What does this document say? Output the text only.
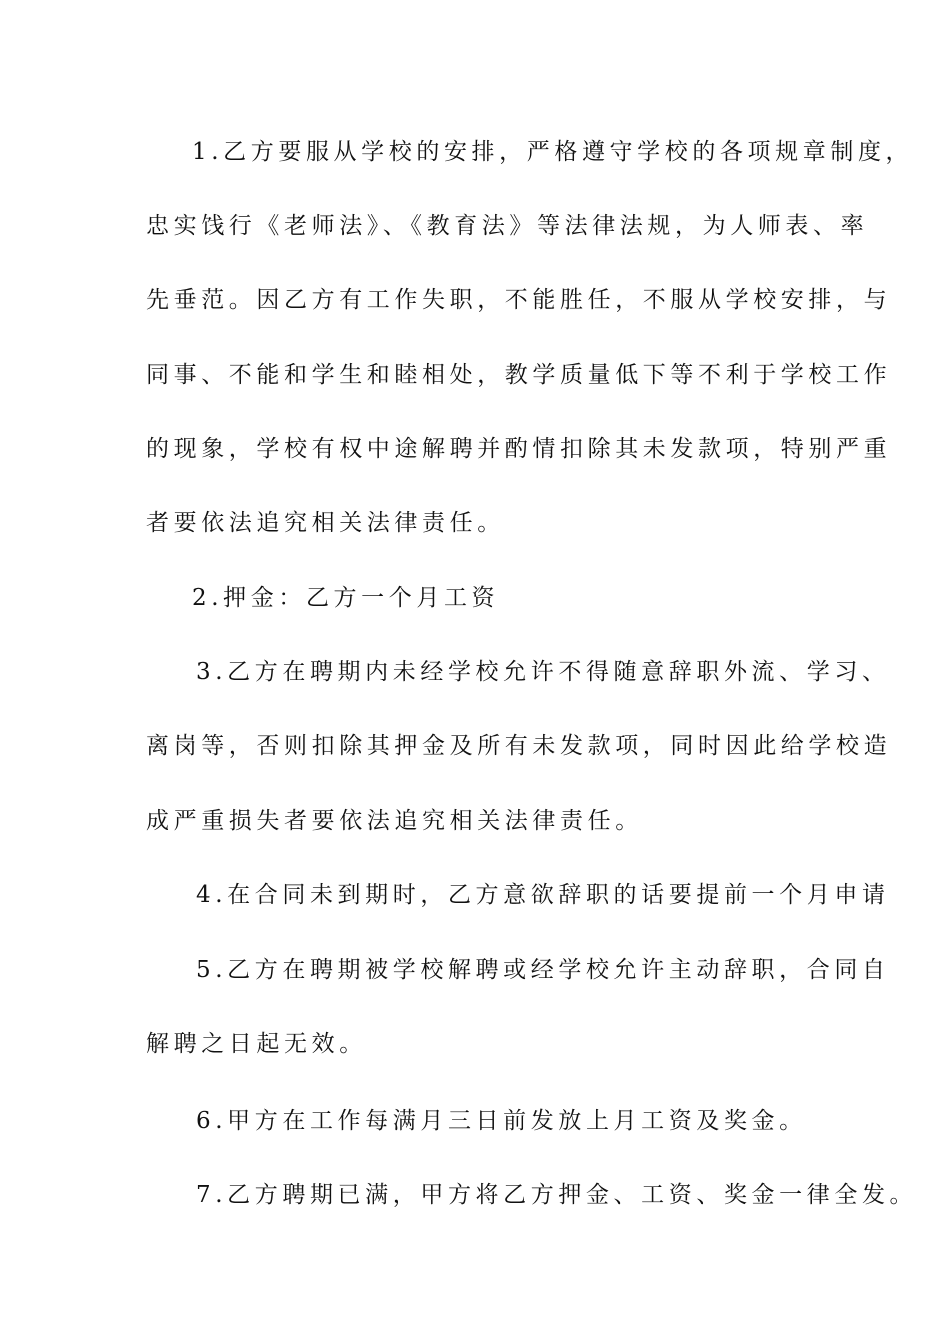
1.乙方要服从学校的安排，严格遵守学校的各项规章制度，
忠实饯行《老师法》、《教育法》等法律法规，为人师表、率
先垂范。因乙方有工作失职，不能胜任，不服从学校安排，与
同事、不能和学生和睦相处，教学质量低下等不利于学校工作
的现象，学校有权中途解聘并酌情扣除其未发款项，特别严重
者要依法追究相关法律责任。
2.押金：乙方一个月工资
3.乙方在聘期内未经学校允许不得随意辞职外流、学习、
离岗等，否则扣除其押金及所有未发款项，同时因此给学校造
成严重损失者要依法追究相关法律责任。
4.在合同未到期时，乙方意欲辞职的话要提前一个月申请
5.乙方在聘期被学校解聘或经学校允许主动辞职，合同自
解聘之日起无效。
6.甲方在工作每满月三日前发放上月工资及奖金。
7.乙方聘期已满，甲方将乙方押金、工资、奖金一律全发。
